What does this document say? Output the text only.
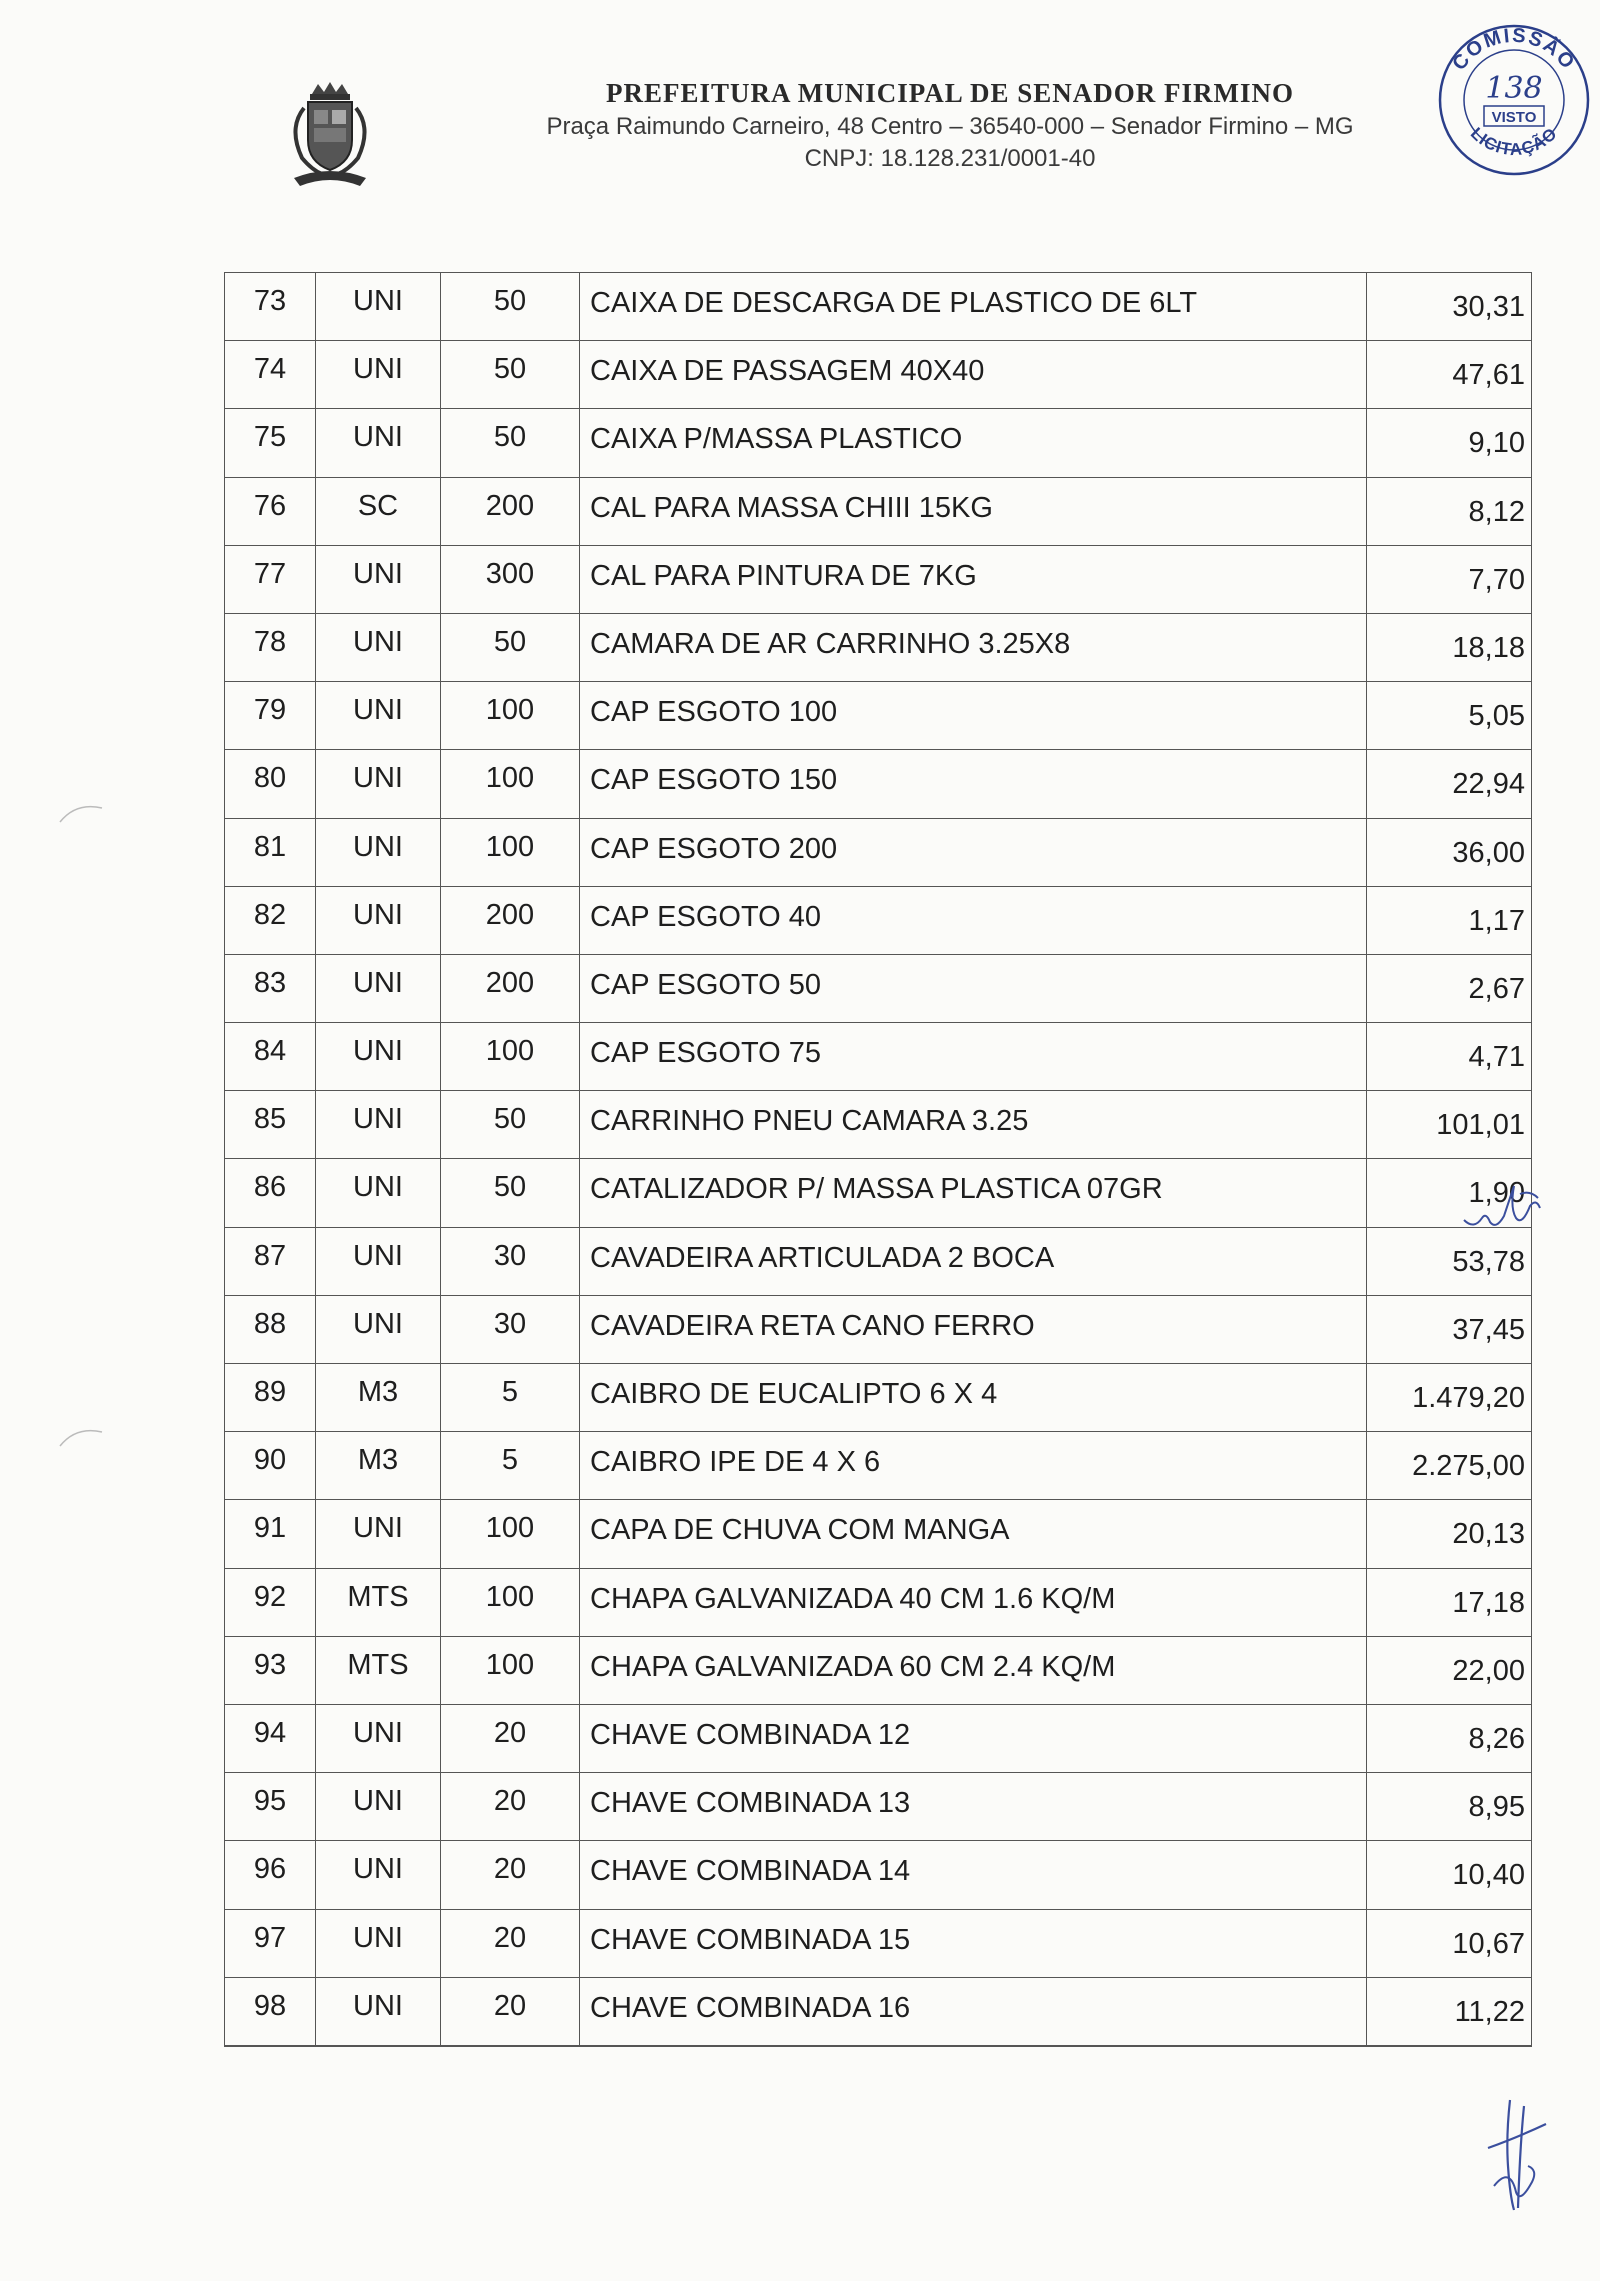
PREFEITURA MUNICIPAL DE SENADOR FIRMINO
Praça Raimundo Carneiro, 48 Centro – 36540-000 – Senador Firmino – MG
CNPJ: 18.128.231/0001-40
COMISSÃO
138
VISTO
LICITAÇÃO
73	UNI	50	CAIXA DE DESCARGA DE PLASTICO DE 6LT	30,31

74	UNI	50	CAIXA DE PASSAGEM 40X40	47,61

75	UNI	50	CAIXA P/MASSA PLASTICO	9,10

76	SC	200	CAL PARA MASSA CHIII 15KG	8,12

77	UNI	300	CAL PARA PINTURA DE 7KG	7,70

78	UNI	50	CAMARA DE AR CARRINHO 3.25X8	18,18

79	UNI	100	CAP ESGOTO 100	5,05

80	UNI	100	CAP ESGOTO 150	22,94

81	UNI	100	CAP ESGOTO 200	36,00

82	UNI	200	CAP ESGOTO 40	1,17

83	UNI	200	CAP ESGOTO 50	2,67

84	UNI	100	CAP ESGOTO 75	4,71

85	UNI	50	CARRINHO PNEU CAMARA 3.25	101,01

86	UNI	50	CATALIZADOR P/ MASSA PLASTICA 07GR	1,90

87	UNI	30	CAVADEIRA ARTICULADA 2 BOCA	53,78

88	UNI	30	CAVADEIRA RETA CANO FERRO	37,45

89	M3	5	CAIBRO DE EUCALIPTO 6 X 4	1.479,20

90	M3	5	CAIBRO IPE DE 4 X 6	2.275,00

91	UNI	100	CAPA DE CHUVA COM MANGA	20,13

92	MTS	100	CHAPA GALVANIZADA 40 CM 1.6 KQ/M	17,18

93	MTS	100	CHAPA GALVANIZADA 60 CM 2.4 KQ/M	22,00

94	UNI	20	CHAVE COMBINADA 12	8,26

95	UNI	20	CHAVE COMBINADA 13	8,95

96	UNI	20	CHAVE COMBINADA 14	10,40

97	UNI	20	CHAVE COMBINADA 15	10,67

98	UNI	20	CHAVE COMBINADA 16	11,22
